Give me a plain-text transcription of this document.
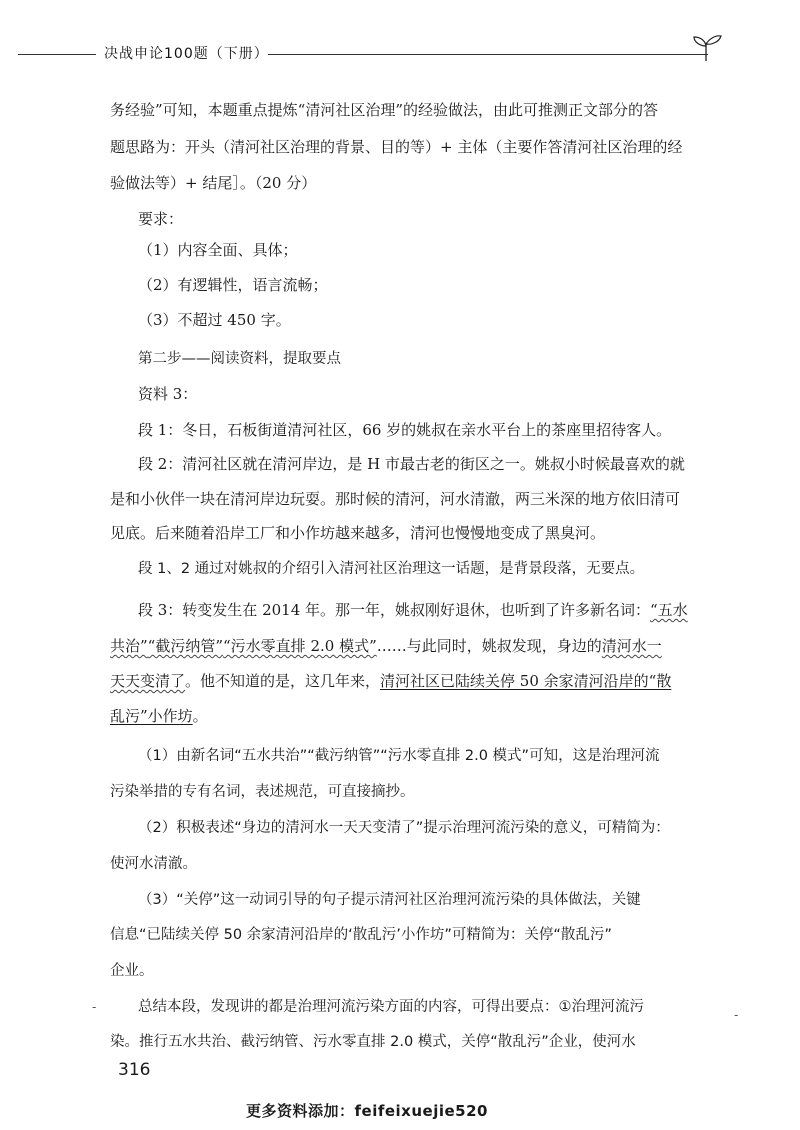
决战申论100题（下册）
务经验”可知，本题重点提炼“清河社区治理”的经验做法，由此可推测正文部分的答
题思路为：开头（清河社区治理的背景、目的等）+ 主体（主要作答清河社区治理的经
验做法等）+ 结尾］。（20 分）
要求：
（1）内容全面、具体；
（2）有逻辑性，语言流畅；
（3）不超过 450 字。
第二步——阅读资料，提取要点
资料 3：
段 1：冬日，石板街道清河社区，66 岁的姚叔在亲水平台上的茶座里招待客人。
段 2：清河社区就在清河岸边，是 H 市最古老的街区之一。姚叔小时候最喜欢的就
是和小伙伴一块在清河岸边玩耍。那时候的清河，河水清澈，两三米深的地方依旧清可
见底。后来随着沿岸工厂和小作坊越来越多，清河也慢慢地变成了黑臭河。
段 1、2 通过对姚叔的介绍引入清河社区治理这一话题，是背景段落，无要点。
段 3：转变发生在 2014 年。那一年，姚叔刚好退休，也听到了许多新名词：“五水
共治”“截污纳管”“污水零直排 2.0 模式”……与此同时，姚叔发现，身边的清河水一
天天变清了。他不知道的是，这几年来，清河社区已陆续关停 50 余家清河沿岸的“散
乱污”小作坊。
（1）由新名词“五水共治”“截污纳管”“污水零直排 2.0 模式”可知，这是治理河流
污染举措的专有名词，表述规范，可直接摘抄。
（2）积极表述“身边的清河水一天天变清了”提示治理河流污染的意义，可精简为：
使河水清澈。
（3）“关停”这一动词引导的句子提示清河社区治理河流污染的具体做法，关键
信息“已陆续关停 50 余家清河沿岸的‘散乱污’小作坊”可精简为：关停“散乱污”
企业。
总结本段，发现讲的都是治理河流污染方面的内容，可得出要点：①治理河流污
染。推行五水共治、截污纳管、污水零直排 2.0 模式，关停“散乱污”企业，使河水
-
-
316
更多资料添加：feifeixuejie520
